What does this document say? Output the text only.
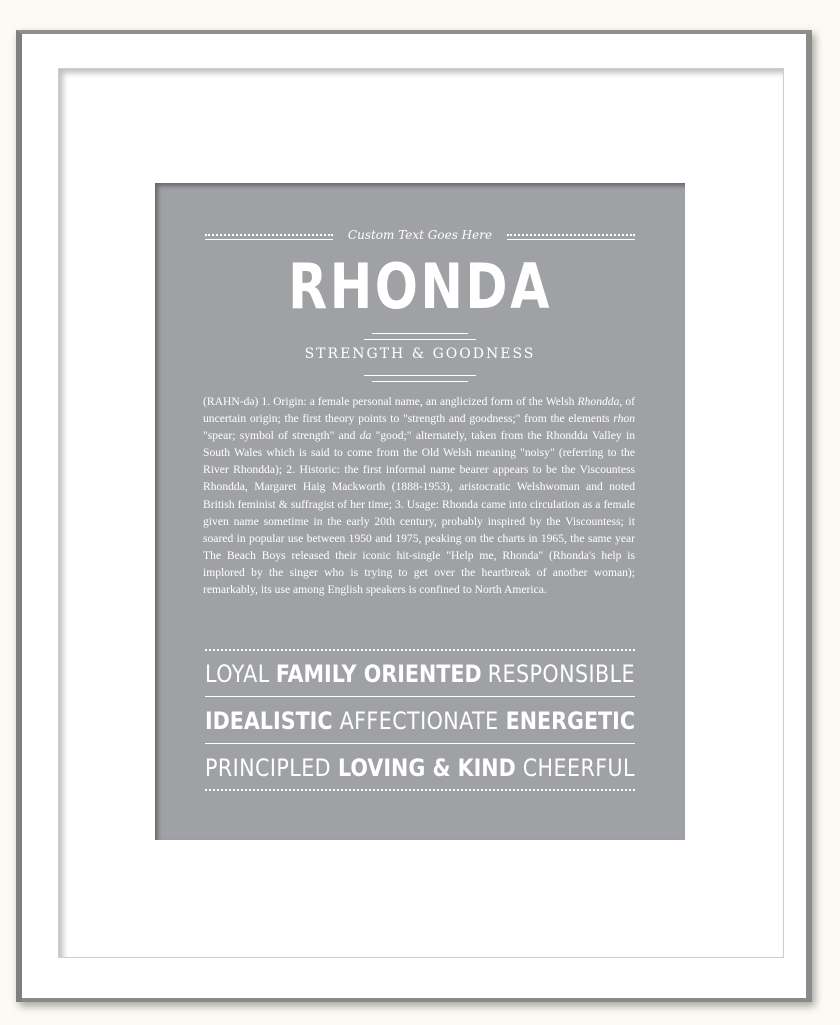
Custom Text Goes Here
RHONDA
STRENGTH & GOODNESS
(RAHN-də) 1. Origin: a female personal name, an anglicized form of the Welsh Rhondda, of uncertain origin; the first theory points to "strength and goodness;" from the elements rhon "spear; symbol of strength" and da "good;" alternately, taken from the Rhondda Valley in South Wales which is said to come from the Old Welsh meaning "noisy" (referring to the River Rhondda); 2. Historic: the first informal name bearer appears to be the Viscountess Rhondda, Margaret Haig Mackworth (1888-1953), aristocratic Welshwoman and noted British feminist & suffragist of her time; 3. Usage: Rhonda came into circulation as a female given name sometime in the early 20th century, probably inspired by the Viscountess; it soared in popular use between 1950 and 1975, peaking on the charts in 1965, the same year The Beach Boys released their iconic hit-single "Help me, Rhonda" (Rhonda's help is implored by the singer who is trying to get over the heartbreak of another woman); remarkably, its use among English speakers is confined to North America.
LOYAL FAMILY ORIENTED RESPONSIBLE
IDEALISTIC AFFECTIONATE ENERGETIC
PRINCIPLED LOVING & KIND CHEERFUL
